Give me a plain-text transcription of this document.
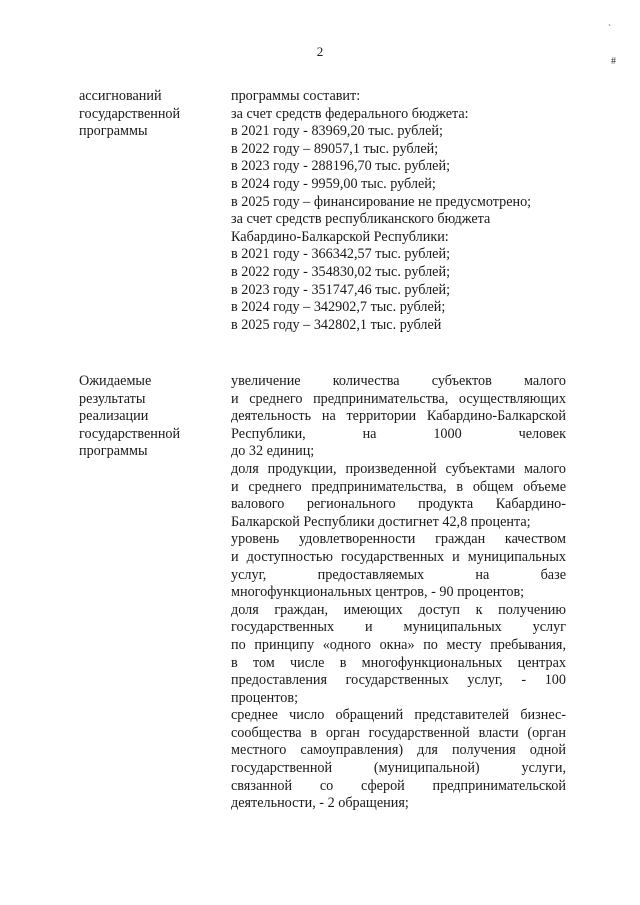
2
`
#
ассигнований
государственной
программы
программы составит:
за счет средств федерального бюджета:
в 2021 году - 83969,20 тыс. рублей;
в 2022 году – 89057,1 тыс. рублей;
в 2023 году - 288196,70 тыс. рублей;
в 2024 году - 9959,00 тыс. рублей;
в 2025 году – финансирование не предусмотрено;
за счет средств республиканского бюджета
Кабардино-Балкарской Республики:
в 2021 году - 366342,57 тыс. рублей;
в 2022 году - 354830,02 тыс. рублей;
в 2023 году - 351747,46 тыс. рублей;
в 2024 году – 342902,7 тыс. рублей;
в 2025 году – 342802,1 тыс. рублей
Ожидаемые
результаты
реализации
государственной
программы
увеличение количества субъектов малого
и среднего предпринимательства, осуществляющих
деятельность на территории Кабардино-Балкарской
Республики, на 1000 человек
до 32 единиц;
доля продукции, произведенной субъектами малого
и среднего предпринимательства, в общем объеме
валового регионального продукта Кабардино-
Балкарской Республики достигнет 42,8 процента;
уровень удовлетворенности граждан качеством
и доступностью государственных и муниципальных
услуг, предоставляемых на базе
многофункциональных центров, - 90 процентов;
доля граждан, имеющих доступ к получению
государственных и муниципальных услуг
по принципу «одного окна» по месту пребывания,
в том числе в многофункциональных центрах
предоставления государственных услуг, - 100
процентов;
среднее число обращений представителей бизнес-
сообщества в орган государственной власти (орган
местного самоуправления) для получения одной
государственной (муниципальной) услуги,
связанной со сферой предпринимательской
деятельности, - 2 обращения;
